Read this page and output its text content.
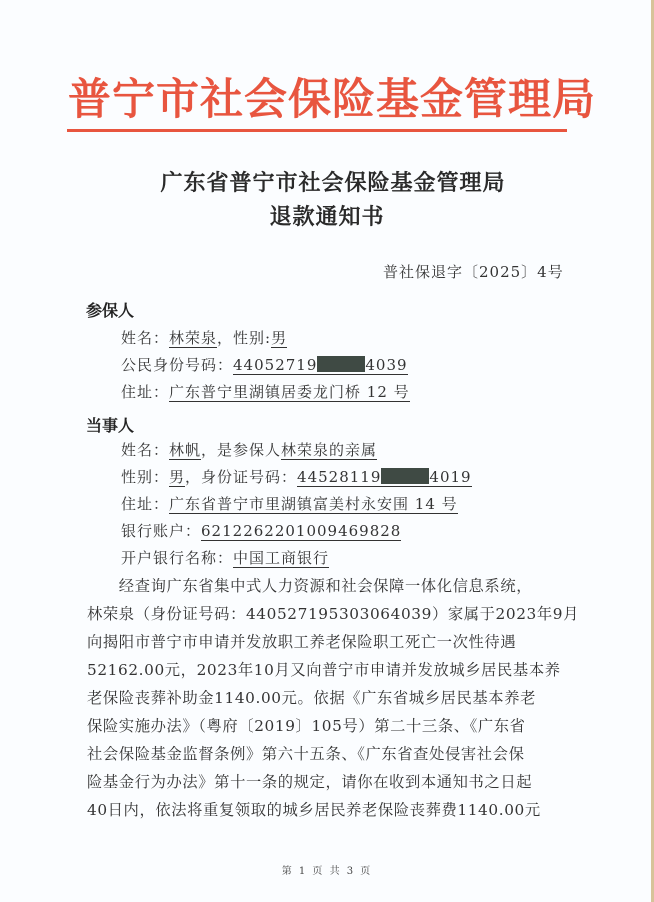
普宁市社会保险基金管理局
广东省普宁市社会保险基金管理局
退款通知书
普社保退字〔2025〕4号
参保人
姓名：林荣泉，性别:男
公民身份号码：44052719	4039
住址：广东普宁里湖镇居委龙门桥 12 号
当事人
姓名：林帆，是参保人林荣泉的亲属
性别：男，身份证号码：44528119	4019
住址：广东省普宁市里湖镇富美村永安围 14 号
银行账户：6212262201009469828
开户银行名称：中国工商银行
　　经查询广东省集中式人力资源和社会保障一体化信息系统，
林荣泉（身份证号码：440527195303064039）家属于2023年9月
向揭阳市普宁市申请并发放职工养老保险职工死亡一次性待遇
52162.00元，2023年10月又向普宁市申请并发放城乡居民基本养
老保险丧葬补助金1140.00元。依据《广东省城乡居民基本养老
保险实施办法》（粤府〔2019〕105号）第二十三条、《广东省
社会保险基金监督条例》第六十五条、《广东省查处侵害社会保
险基金行为办法》第十一条的规定，请你在收到本通知书之日起
40日内，依法将重复领取的城乡居民养老保险丧葬费1140.00元
第 1 页 共 3 页
